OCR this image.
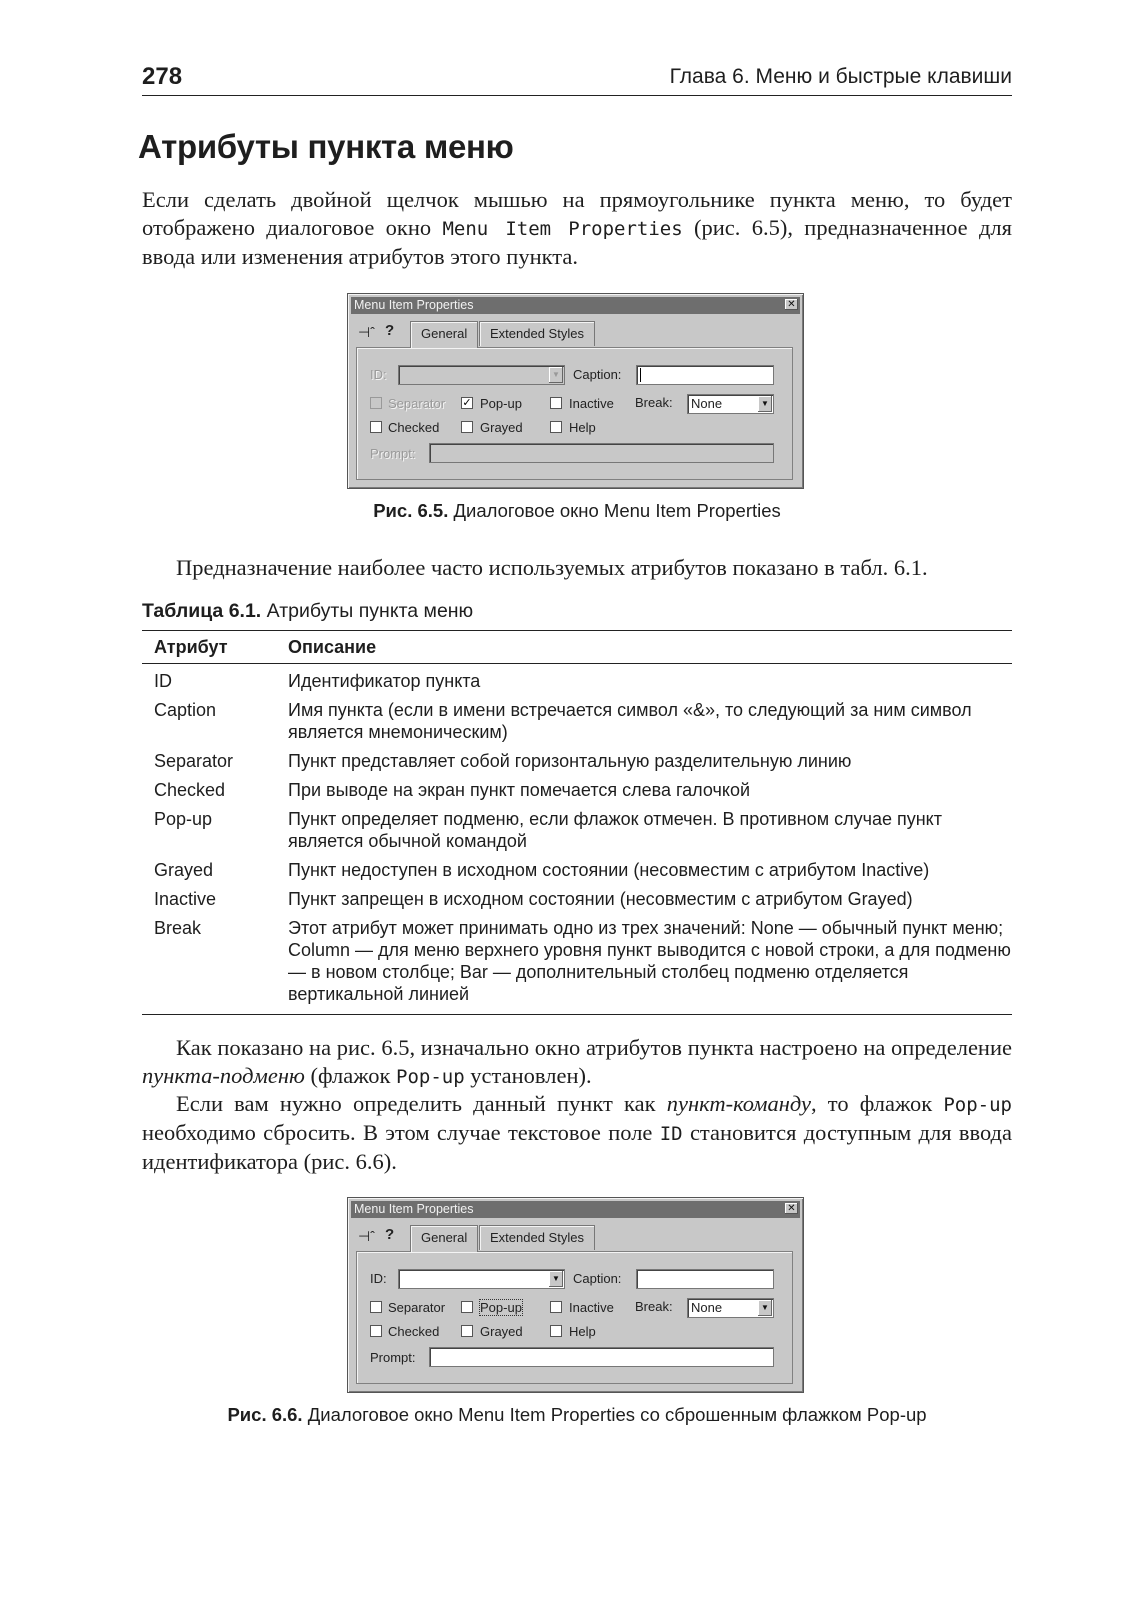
278	Глава 6. Меню и быстрые клавиши
Атрибуты пункта меню

Если сделать двойной щелчок мышью на прямоугольнике пункта меню, то будет отображено диалоговое окно Menu Item Properties (рис. 6.5), предназначенное для ввода или изменения атрибутов этого пункта.

Menu Item Properties	✕
⊣ˆ ?	General	Extended Styles
ID:	▼ Caption:
Separator ✓ Pop-up	Inactive Break: None	▼
Checked	Grayed	Help
Prompt:
Рис. 6.5. Диалоговое окно Menu Item Properties

Предназначение наиболее часто используемых атрибутов показано в табл. 6.1.

Таблица 6.1. Атрибуты пункта меню
Атрибут	Описание
ID	Идентификатор пункта
Caption	Имя пункта (если в имени встречается символ «&», то следующий за ним символ является мнемоническим)
Separator	Пункт представляет собой горизонтальную разделительную линию
Checked	При выводе на экран пункт помечается слева галочкой
Pop-up	Пункт определяет подменю, если флажок отмечен. В противном случае пункт является обычной командой
Grayed	Пункт недоступен в исходном состоянии (несовместим с атрибутом Inactive)
Inactive	Пункт запрещен в исходном состоянии (несовместим с атрибутом Grayed)
Break	Этот атрибут может принимать одно из трех значений: None — обычный пункт меню; Column — для меню верхнего уровня пункт выводится с новой строки, а для подменю — в новом столбце; Bar — дополнительный столбец подменю отделяется вертикальной линией

Как показано на рис. 6.5, изначально окно атрибутов пункта настроено на определение пункта-подменю (флажок Pop-up установлен).

Если вам нужно определить данный пункт как пункт-команду, то флажок Pop-up необходимо сбросить. В этом случае текстовое поле ID становится доступным для ввода идентификатора (рис. 6.6).

Menu Item Properties	✕
⊣ˆ ?	General	Extended Styles
ID:	▼ Caption:
Separator	Pop-up	Inactive Break: None	▼
Checked	Grayed	Help
Prompt:
Рис. 6.6. Диалоговое окно Menu Item Properties со сброшенным флажком Pop-up
